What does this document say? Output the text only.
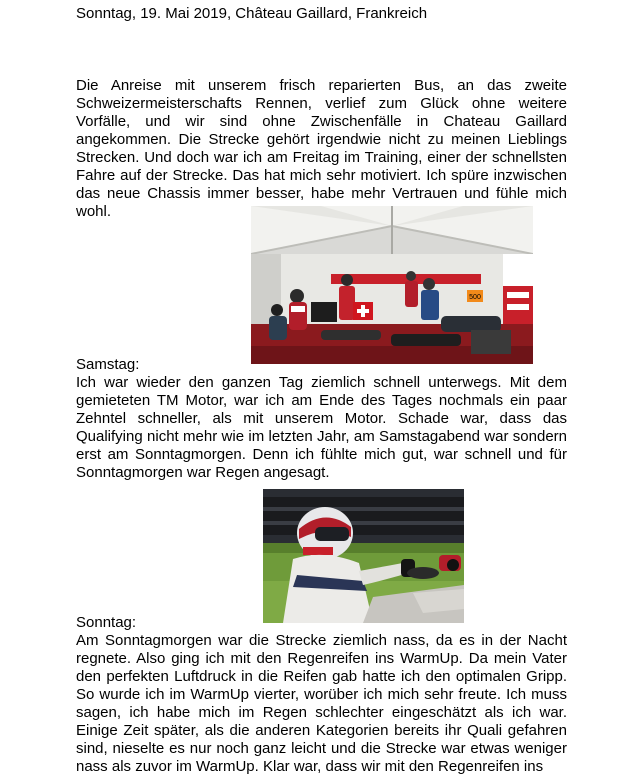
Sonntag, 19. Mai 2019, Château Gaillard, Frankreich

Die Anreise mit unserem frisch reparierten Bus, an das zweite Schweizermeisterschafts Rennen, verlief zum Glück ohne weitere Vorfälle, und wir sind ohne Zwischenfälle in Chateau Gaillard angekommen. Die Strecke gehört irgendwie nicht zu meinen Lieblings Strecken. Und doch war ich am Freitag im Training, einer der schnellsten Fahre auf der Strecke. Das hat mich sehr motiviert. Ich spüre inzwischen das neue Chassis immer besser, habe mehr Vertrauen und fühle mich wohl.

500
Samstag:

Ich war wieder den ganzen Tag ziemlich schnell unterwegs. Mit dem gemieteten TM Motor, war ich am Ende des Tages nochmals ein paar Zehntel schneller, als mit unserem Motor. Schade war, dass das Qualifying nicht mehr wie im letzten Jahr, am Samstagabend war sondern erst am Sonntagmorgen. Denn ich fühlte mich gut, war schnell und für Sonntagmorgen war Regen angesagt.

Sonntag:

Am Sonntagmorgen war die Strecke ziemlich nass, da es in der Nacht regnete. Also ging ich mit den Regenreifen ins WarmUp. Da mein Vater den perfekten Luftdruck in die Reifen gab hatte ich den optimalen Gripp. So wurde ich im WarmUp vierter, worüber ich mich sehr freute. Ich muss sagen, ich habe mich im Regen schlechter eingeschätzt als ich war. Einige Zeit später, als die anderen Kategorien bereits ihr Quali gefahren sind, nieselte es nur noch ganz leicht und die Strecke war etwas weniger nass als zuvor im WarmUp. Klar war, dass wir mit den Regenreifen ins
